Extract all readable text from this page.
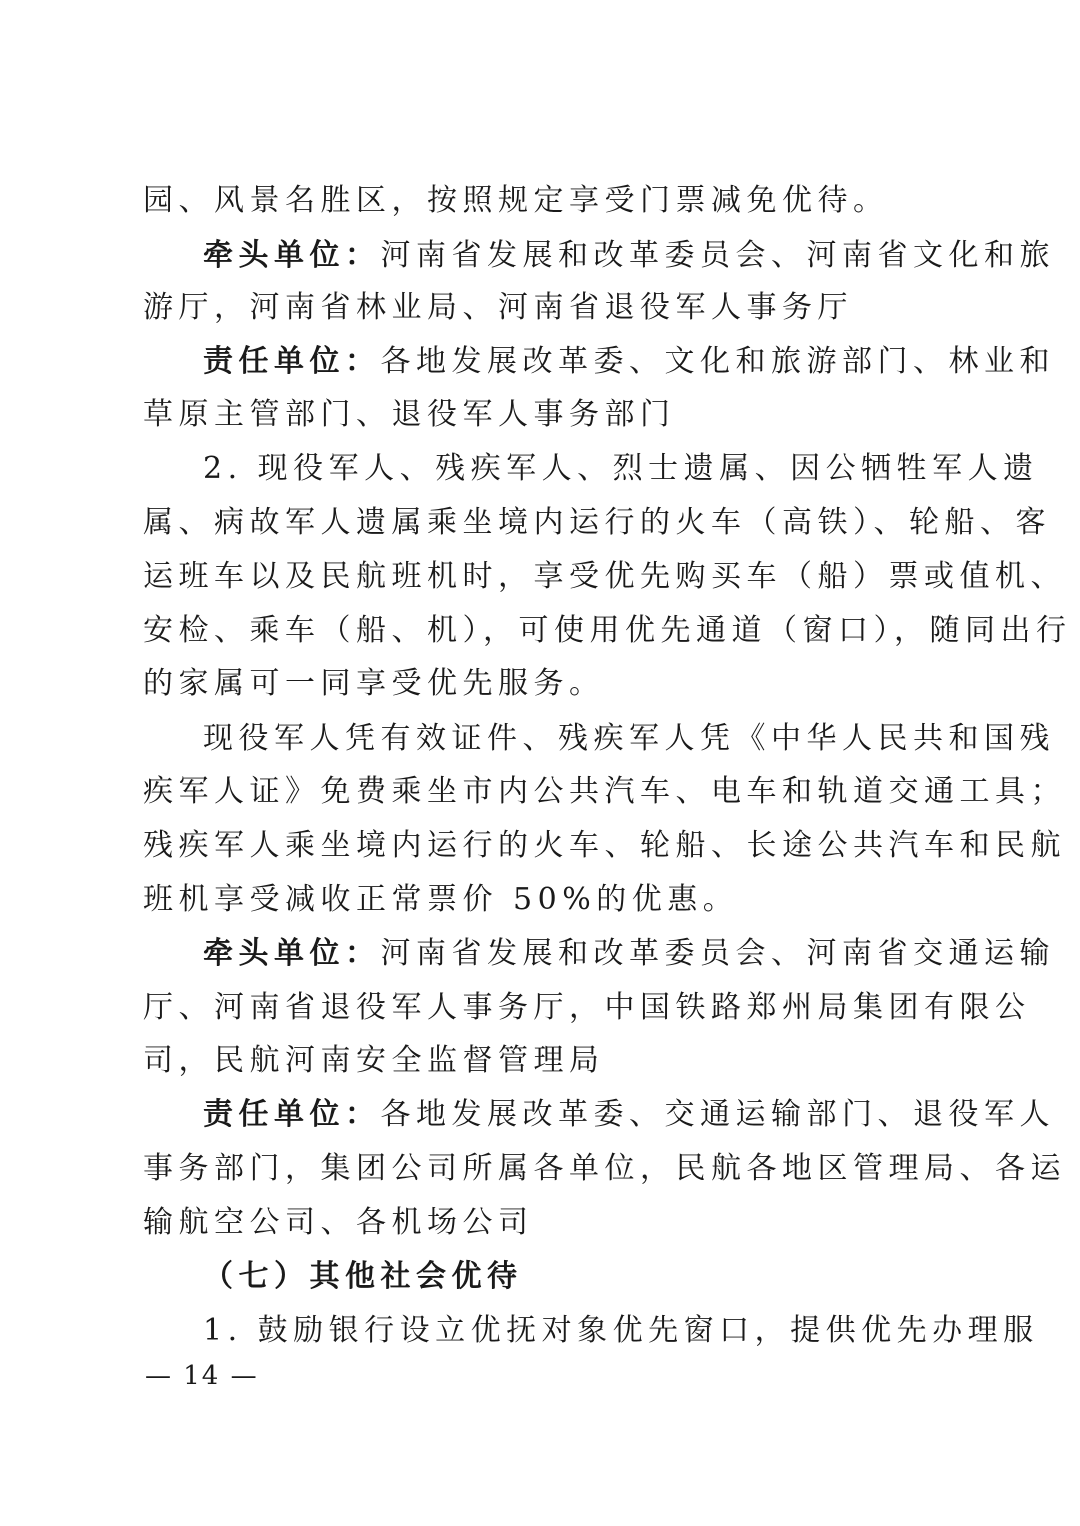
园、风景名胜区，按照规定享受门票减免优待。
牵头单位：河南省发展和改革委员会、河南省文化和旅
游厅，河南省林业局、河南省退役军人事务厅
责任单位：各地发展改革委、文化和旅游部门、林业和
草原主管部门、退役军人事务部门
2. 现役军人、残疾军人、烈士遗属、因公牺牲军人遗
属、病故军人遗属乘坐境内运行的火车（高铁）、轮船、客
运班车以及民航班机时，享受优先购买车（船）票或值机、
安检、乘车（船、机），可使用优先通道（窗口），随同出行
的家属可一同享受优先服务。
现役军人凭有效证件、残疾军人凭《中华人民共和国残
疾军人证》免费乘坐市内公共汽车、电车和轨道交通工具；
残疾军人乘坐境内运行的火车、轮船、长途公共汽车和民航
班机享受减收正常票价 50%的优惠。
牵头单位：河南省发展和改革委员会、河南省交通运输
厅、河南省退役军人事务厅，中国铁路郑州局集团有限公
司，民航河南安全监督管理局
责任单位：各地发展改革委、交通运输部门、退役军人
事务部门，集团公司所属各单位，民航各地区管理局、各运
输航空公司、各机场公司
（七）其他社会优待
1. 鼓励银行设立优抚对象优先窗口，提供优先办理服
— 14 —
